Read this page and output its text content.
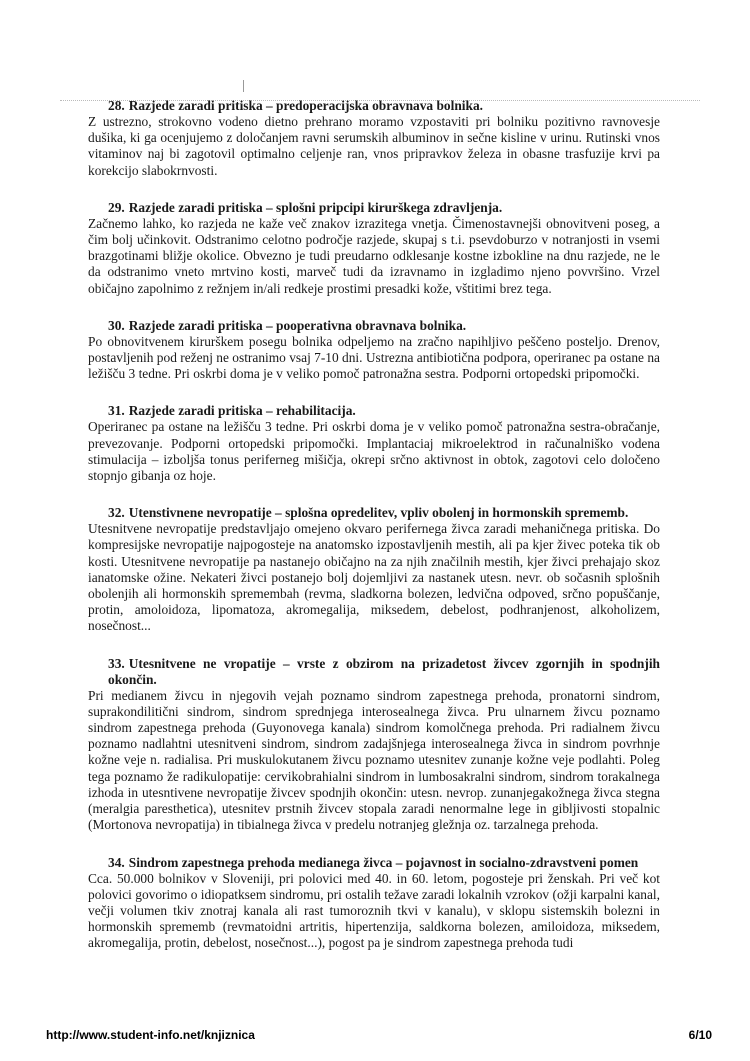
28. Razjede zaradi pritiska – predoperacijska obravnava bolnika.

Z ustrezno, strokovno vodeno dietno prehrano moramo vzpostaviti pri bolniku pozitivno ravnovesje dušika, ki ga ocenjujemo z določanjem ravni serumskih albuminov in sečne kisline v urinu. Rutinski vnos vitaminov naj bi zagotovil optimalno celjenje ran, vnos pripravkov železa in obasne trasfuzije krvi pa korekcijo slabokrnvosti.

29. Razjede zaradi pritiska – splošni pripcipi kirurškega zdravljenja.

Začnemo lahko, ko razjeda ne kaže več znakov izrazitega vnetja. Čimenostavnejši obnovitveni poseg, a čim bolj učinkovit. Odstranimo celotno področje razjede, skupaj s t.i. psevdoburzo v notranjosti in vsemi brazgotinami bližje okolice. Obvezno je tudi preudarno odklesanje kostne izbokline na dnu razjede, ne le da odstranimo vneto mrtvino kosti, marveč tudi da izravnamo in izgladimo njeno povvršino. Vrzel običajno zapolnimo z režnjem in/ali redkeje prostimi presadki kože, vštitimi brez tega.

30. Razjede zaradi pritiska – pooperativna obravnava bolnika.

Po obnovitvenem kirurškem posegu bolnika odpeljemo na zračno napihljivo peščeno posteljo. Drenov, postavljenih pod reženj ne ostranimo vsaj 7-10 dni. Ustrezna antibiotična podpora, operiranec pa ostane na ležišču 3 tedne. Pri oskrbi doma je v veliko pomoč patronažna sestra. Podporni ortopedski pripomočki.

31. Razjede zaradi pritiska – rehabilitacija.

Operiranec pa ostane na ležišču 3 tedne. Pri oskrbi doma je v veliko pomoč patronažna sestra-obračanje, prevezovanje. Podporni ortopedski pripomočki. Implantaciaj mikroelektrod in računalniško vodena stimulacija – izboljša tonus periferneg mišičja, okrepi srčno aktivnost in obtok, zagotovi celo določeno stopnjo gibanja oz hoje.

32. Utenstivnene nevropatije – splošna opredelitev, vpliv obolenj in hormonskih sprememb.

Utesnitvene nevropatije predstavljajo omejeno okvaro perifernega živca zaradi mehaničnega pritiska. Do kompresijske nevropatije najpogosteje na anatomsko izpostavljenih mestih, ali pa kjer živec poteka tik ob kosti. Utesnitvene nevropatije pa nastanejo običajno na za njih značilnih mestih, kjer živci prehajajo skoz ianatomske ožine. Nekateri živci postanejo bolj dojemljivi za nastanek utesn. nevr. ob sočasnih splošnih obolenjih ali hormonskih spremembah (revma, sladkorna bolezen, ledvična odpoved, srčno popuščanje, protin, amoloidoza, lipomatoza, akromegalija, miksedem, debelost, podhranjenost, alkoholizem, nosečnost...

33. Utesnitvene ne vropatije – vrste z obzirom na prizadetost živcev zgornjih in spodnjih okončin.

Pri medianem živcu in njegovih vejah poznamo sindrom zapestnega prehoda, pronatorni sindrom, suprakondilitični sindrom, sindrom sprednjega interosealnega živca. Pru ulnarnem živcu poznamo sindrom zapestnega prehoda (Guyonovega kanala) sindrom komolčnega prehoda. Pri radialnem živcu poznamo nadlahtni utesnitveni sindrom, sindrom zadajšnjega interosealnega živca in sindrom povrhnje kožne veje n. radialisa. Pri muskulokutanem živcu poznamo utesnitev zunanje kožne veje podlahti. Poleg tega poznamo že radikulopatije: cervikobrahialni sindrom in lumbosakralni sindrom, sindrom torakalnega izhoda in utesntivene nevropatije živcev spodnjih okončin: utesn. nevrop. zunanjegakožnega živca stegna (meralgia paresthetica), utesnitev prstnih živcev stopala zaradi nenormalne lege in gibljivosti stopalnic (Mortonova nevropatija) in tibialnega živca v predelu notranjeg gležnja oz. tarzalnega prehoda.

34. Sindrom zapestnega prehoda medianega živca – pojavnost in socialno-zdravstveni pomen

Cca. 50.000 bolnikov v Sloveniji, pri polovici med 40. in 60. letom, pogosteje pri ženskah. Pri več kot polovici govorimo o idiopatksem sindromu, pri ostalih težave zaradi lokalnih vzrokov (ožji karpalni kanal, večji volumen tkiv znotraj kanala ali rast tumoroznih tkvi v kanalu), v sklopu sistemskih bolezni in hormonskih sprememb (revmatoidni artritis, hipertenzija, saldkorna bolezen, amiloidoza, miksedem, akromegalija, protin, debelost, nosečnost...), pogost pa je sindrom zapestnega prehoda tudi

http://www.student-info.net/knjiznica	6/10
